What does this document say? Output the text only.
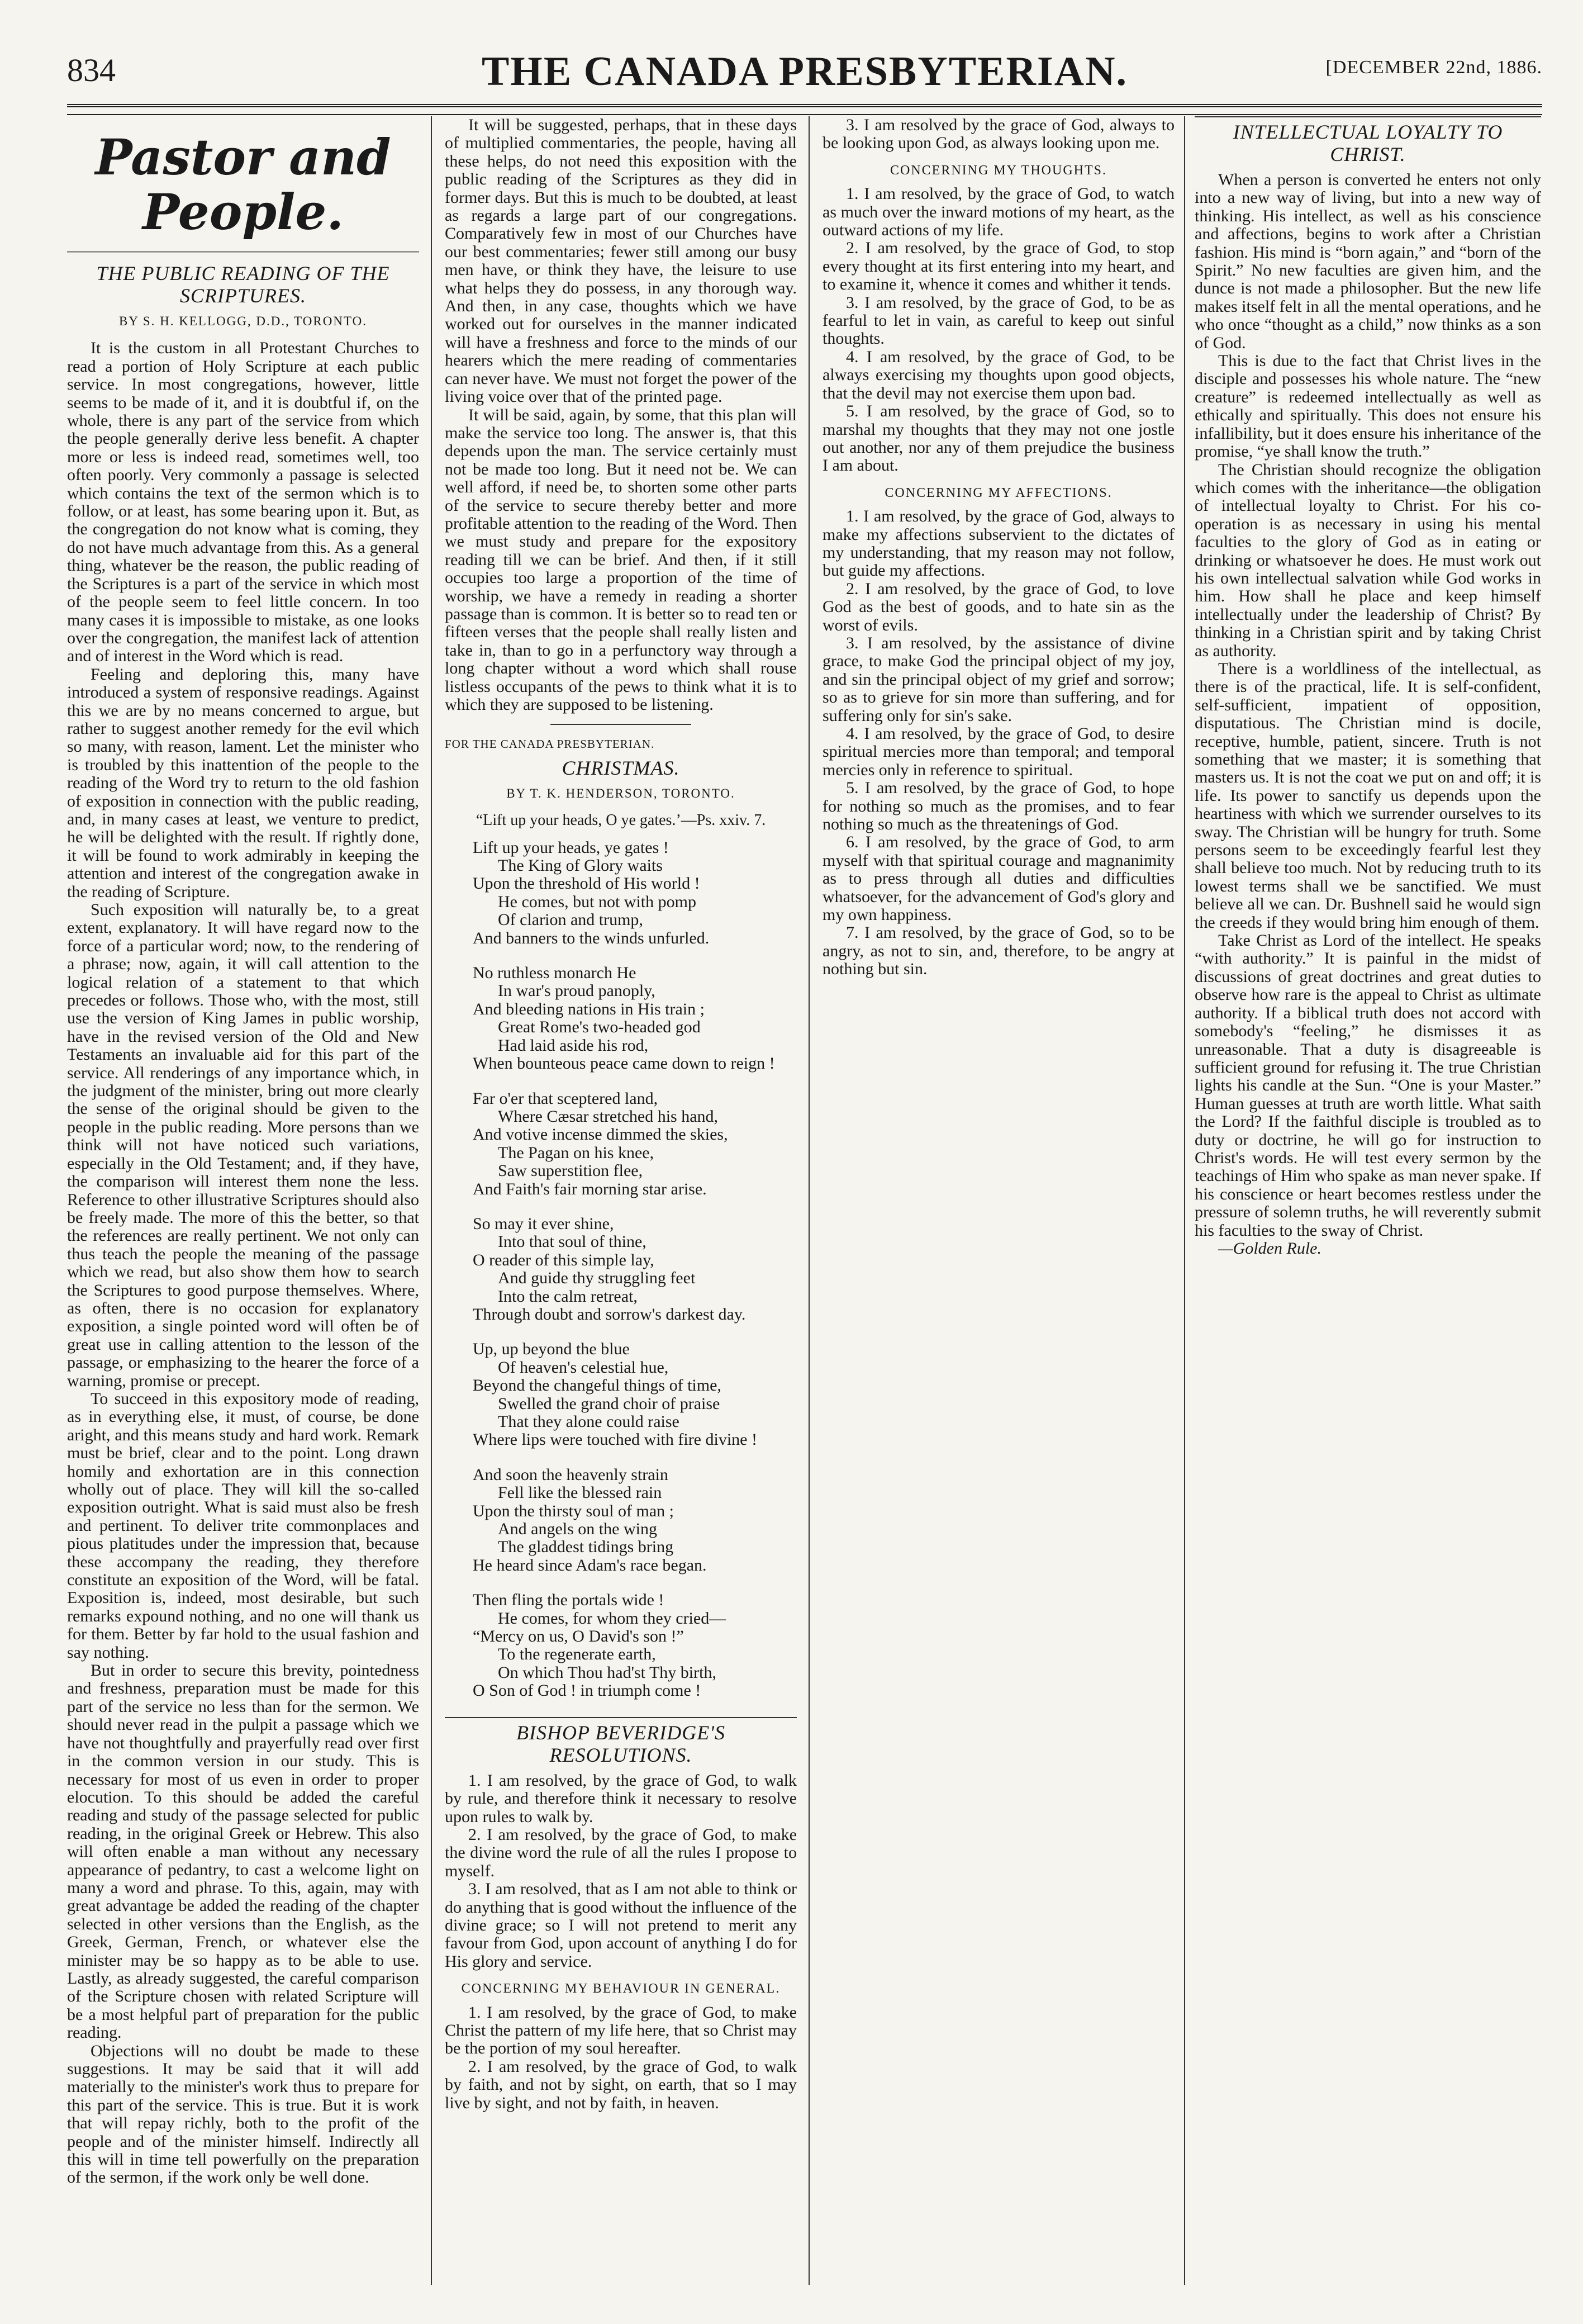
834	THE CANADA PRESBYTERIAN.	[DECEMBER 22nd, 1886.
Pastor and People.
THE PUBLIC READING OF THE SCRIPTURES.
BY S. H. KELLOGG, D.D., TORONTO.

It is the custom in all Protestant Churches to read a portion of Holy Scripture at each public service. In most congregations, however, little seems to be made of it, and it is doubtful if, on the whole, there is any part of the service from which the people generally derive less benefit. A chapter more or less is indeed read, sometimes well, too often poorly. Very commonly a passage is selected which contains the text of the sermon which is to follow, or at least, has some bearing upon it. But, as the congregation do not know what is coming, they do not have much advantage from this. As a general thing, whatever be the reason, the public reading of the Scriptures is a part of the service in which most of the people seem to feel little concern. In too many cases it is impossible to mistake, as one looks over the congregation, the manifest lack of attention and of interest in the Word which is read.

Feeling and deploring this, many have introduced a system of responsive readings. Against this we are by no means concerned to argue, but rather to suggest another remedy for the evil which so many, with reason, lament. Let the minister who is troubled by this inattention of the people to the reading of the Word try to return to the old fashion of exposition in connection with the public reading, and, in many cases at least, we venture to predict, he will be delighted with the result. If rightly done, it will be found to work admirably in keeping the attention and interest of the congregation awake in the reading of Scripture.

Such exposition will naturally be, to a great extent, explanatory. It will have regard now to the force of a particular word; now, to the rendering of a phrase; now, again, it will call attention to the logical relation of a statement to that which precedes or follows. Those who, with the most, still use the version of King James in public worship, have in the revised version of the Old and New Testaments an invaluable aid for this part of the service. All renderings of any importance which, in the judgment of the minister, bring out more clearly the sense of the original should be given to the people in the public reading. More persons than we think will not have noticed such variations, especially in the Old Testament; and, if they have, the comparison will interest them none the less. Reference to other illustrative Scriptures should also be freely made. The more of this the better, so that the references are really pertinent. We not only can thus teach the people the meaning of the passage which we read, but also show them how to search the Scriptures to good purpose themselves. Where, as often, there is no occasion for explanatory exposition, a single pointed word will often be of great use in calling attention to the lesson of the passage, or emphasizing to the hearer the force of a warning, promise or precept.

To succeed in this expository mode of reading, as in everything else, it must, of course, be done aright, and this means study and hard work. Remark must be brief, clear and to the point. Long drawn homily and exhortation are in this connection wholly out of place. They will kill the so-called exposition outright. What is said must also be fresh and pertinent. To deliver trite commonplaces and pious platitudes under the impression that, because these accompany the reading, they therefore constitute an exposition of the Word, will be fatal. Exposition is, indeed, most desirable, but such remarks expound nothing, and no one will thank us for them. Better by far hold to the usual fashion and say nothing.

But in order to secure this brevity, pointedness and freshness, preparation must be made for this part of the service no less than for the sermon. We should never read in the pulpit a passage which we have not thoughtfully and prayerfully read over first in the common version in our study. This is necessary for most of us even in order to proper elocution. To this should be added the careful reading and study of the passage selected for public reading, in the original Greek or Hebrew. This also will often enable a man without any necessary appearance of pedantry, to cast a welcome light on many a word and phrase. To this, again, may with great advantage be added the reading of the chapter selected in other versions than the English, as the Greek, German, French, or whatever else the minister may be so happy as to be able to use. Lastly, as already suggested, the careful comparison of the Scripture chosen with related Scripture will be a most helpful part of preparation for the public reading.

Objections will no doubt be made to these suggestions. It may be said that it will add materially to the minister's work thus to prepare for this part of the service. This is true. But it is work that will repay richly, both to the profit of the people and of the minister himself. Indirectly all this will in time tell powerfully on the preparation of the sermon, if the work only be well done.

It will be suggested, perhaps, that in these days of multiplied commentaries, the people, having all these helps, do not need this exposition with the public reading of the Scriptures as they did in former days. But this is much to be doubted, at least as regards a large part of our congregations. Comparatively few in most of our Churches have our best commentaries; fewer still among our busy men have, or think they have, the leisure to use what helps they do possess, in any thorough way. And then, in any case, thoughts which we have worked out for ourselves in the manner indicated will have a freshness and force to the minds of our hearers which the mere reading of commentaries can never have. We must not forget the power of the living voice over that of the printed page.

It will be said, again, by some, that this plan will make the service too long. The answer is, that this depends upon the man. The service certainly must not be made too long. But it need not be. We can well afford, if need be, to shorten some other parts of the service to secure thereby better and more profitable attention to the reading of the Word. Then we must study and prepare for the expository reading till we can be brief. And then, if it still occupies too large a proportion of the time of worship, we have a remedy in reading a shorter passage than is common. It is better so to read ten or fifteen verses that the people shall really listen and take in, than to go in a perfunctory way through a long chapter without a word which shall rouse listless occupants of the pews to think what it is to which they are supposed to be listening.

FOR THE CANADA PRESBYTERIAN.
CHRISTMAS.
BY T. K. HENDERSON, TORONTO.
“Lift up your heads, O ye gates.’—Ps. xxiv. 7.
Lift up your heads, ye gates !
The King of Glory waits
Upon the threshold of His world !
He comes, but not with pomp
Of clarion and trump,
And banners to the winds unfurled.
No ruthless monarch He
In war's proud panoply,
And bleeding nations in His train ;
Great Rome's two-headed god
Had laid aside his rod,
When bounteous peace came down to reign !
Far o'er that sceptered land,
Where Cæsar stretched his hand,
And votive incense dimmed the skies,
The Pagan on his knee,
Saw superstition flee,
And Faith's fair morning star arise.
So may it ever shine,
Into that soul of thine,
O reader of this simple lay,
And guide thy struggling feet
Into the calm retreat,
Through doubt and sorrow's darkest day.
Up, up beyond the blue
Of heaven's celestial hue,
Beyond the changeful things of time,
Swelled the grand choir of praise
That they alone could raise
Where lips were touched with fire divine !
And soon the heavenly strain
Fell like the blessed rain
Upon the thirsty soul of man ;
And angels on the wing
The gladdest tidings bring
He heard since Adam's race began.
Then fling the portals wide !
He comes, for whom they cried—
“Mercy on us, O David's son !”
To the regenerate earth,
On which Thou had'st Thy birth,
O Son of God ! in triumph come !
BISHOP BEVERIDGE'S RESOLUTIONS.

1. I am resolved, by the grace of God, to walk by rule, and therefore think it necessary to resolve upon rules to walk by.

2. I am resolved, by the grace of God, to make the divine word the rule of all the rules I propose to myself.

3. I am resolved, that as I am not able to think or do anything that is good without the influence of the divine grace; so I will not pretend to merit any favour from God, upon account of anything I do for His glory and service.

CONCERNING MY BEHAVIOUR IN GENERAL.

1. I am resolved, by the grace of God, to make Christ the pattern of my life here, that so Christ may be the portion of my soul hereafter.

2. I am resolved, by the grace of God, to walk by faith, and not by sight, on earth, that so I may live by sight, and not by faith, in heaven.

3. I am resolved by the grace of God, always to be looking upon God, as always looking upon me.

CONCERNING MY THOUGHTS.

1. I am resolved, by the grace of God, to watch as much over the inward motions of my heart, as the outward actions of my life.

2. I am resolved, by the grace of God, to stop every thought at its first entering into my heart, and to examine it, whence it comes and whither it tends.

3. I am resolved, by the grace of God, to be as fearful to let in vain, as careful to keep out sinful thoughts.

4. I am resolved, by the grace of God, to be always exercising my thoughts upon good objects, that the devil may not exercise them upon bad.

5. I am resolved, by the grace of God, so to marshal my thoughts that they may not one jostle out another, nor any of them prejudice the business I am about.

CONCERNING MY AFFECTIONS.

1. I am resolved, by the grace of God, always to make my affections subservient to the dictates of my understanding, that my reason may not follow, but guide my affections.

2. I am resolved, by the grace of God, to love God as the best of goods, and to hate sin as the worst of evils.

3. I am resolved, by the assistance of divine grace, to make God the principal object of my joy, and sin the principal object of my grief and sorrow; so as to grieve for sin more than suffering, and for suffering only for sin's sake.

4. I am resolved, by the grace of God, to desire spiritual mercies more than temporal; and temporal mercies only in reference to spiritual.

5. I am resolved, by the grace of God, to hope for nothing so much as the promises, and to fear nothing so much as the threatenings of God.

6. I am resolved, by the grace of God, to arm myself with that spiritual courage and magnanimity as to press through all duties and difficulties whatsoever, for the advancement of God's glory and my own happiness.

7. I am resolved, by the grace of God, so to be angry, as not to sin, and, therefore, to be angry at nothing but sin.

INTELLECTUAL LOYALTY TO CHRIST.

When a person is converted he enters not only into a new way of living, but into a new way of thinking. His intellect, as well as his conscience and affections, begins to work after a Christian fashion. His mind is “born again,” and “born of the Spirit.” No new faculties are given him, and the dunce is not made a philosopher. But the new life makes itself felt in all the mental operations, and he who once “thought as a child,” now thinks as a son of God.

This is due to the fact that Christ lives in the disciple and possesses his whole nature. The “new creature” is redeemed intellectually as well as ethically and spiritually. This does not ensure his infallibility, but it does ensure his inheritance of the promise, “ye shall know the truth.”

The Christian should recognize the obligation which comes with the inheritance—the obligation of intellectual loyalty to Christ. For his co-operation is as necessary in using his mental faculties to the glory of God as in eating or drinking or whatsoever he does. He must work out his own intellectual salvation while God works in him. How shall he place and keep himself intellectually under the leadership of Christ? By thinking in a Christian spirit and by taking Christ as authority.

There is a worldliness of the intellectual, as there is of the practical, life. It is self-confident, self-sufficient, impatient of opposition, disputatious. The Christian mind is docile, receptive, humble, patient, sincere. Truth is not something that we master; it is something that masters us. It is not the coat we put on and off; it is life. Its power to sanctify us depends upon the heartiness with which we surrender ourselves to its sway. The Christian will be hungry for truth. Some persons seem to be exceedingly fearful lest they shall believe too much. Not by reducing truth to its lowest terms shall we be sanctified. We must believe all we can. Dr. Bushnell said he would sign the creeds if they would bring him enough of them.

Take Christ as Lord of the intellect. He speaks “with authority.” It is painful in the midst of discussions of great doctrines and great duties to observe how rare is the appeal to Christ as ultimate authority. If a biblical truth does not accord with somebody's “feeling,” he dismisses it as unreasonable. That a duty is disagreeable is sufficient ground for refusing it. The true Christian lights his candle at the Sun. “One is your Master.” Human guesses at truth are worth little. What saith the Lord? If the faithful disciple is troubled as to duty or doctrine, he will go for instruction to Christ's words. He will test every sermon by the teachings of Him who spake as man never spake. If his conscience or heart becomes restless under the pressure of solemn truths, he will reverently submit his faculties to the sway of Christ.

—Golden Rule.
